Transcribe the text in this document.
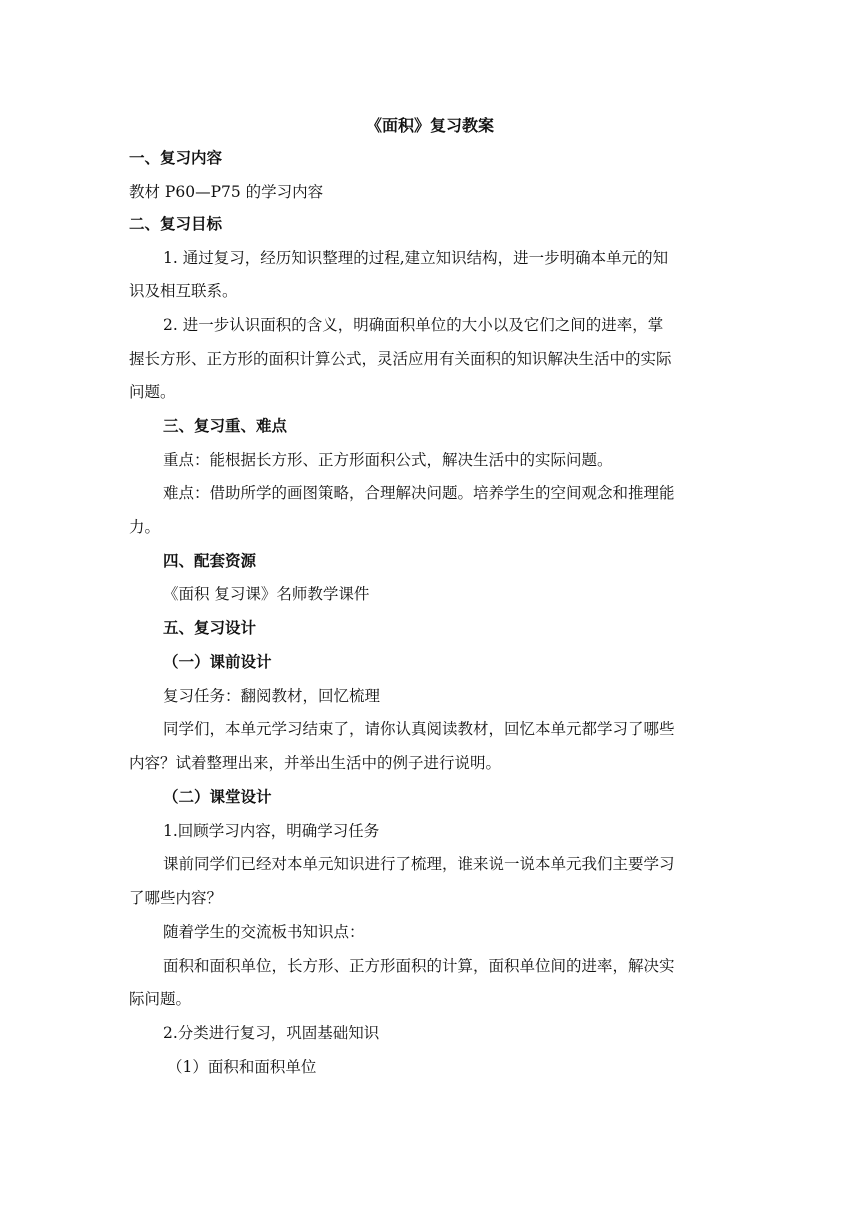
《面积》复习教案
一、复习内容
教材 P60—P75 的学习内容
二、复习目标
1. 通过复习，经历知识整理的过程,建立知识结构，进一步明确本单元的知
识及相互联系。
2. 进一步认识面积的含义，明确面积单位的大小以及它们之间的进率，掌
握长方形、正方形的面积计算公式，灵活应用有关面积的知识解决生活中的实际
问题。
三、复习重、难点
重点：能根据长方形、正方形面积公式，解决生活中的实际问题。
难点：借助所学的画图策略，合理解决问题。培养学生的空间观念和推理能
力。
四、配套资源
《面积 复习课》名师教学课件
五、复习设计
（一）课前设计
复习任务：翻阅教材，回忆梳理
同学们，本单元学习结束了，请你认真阅读教材，回忆本单元都学习了哪些
内容？试着整理出来，并举出生活中的例子进行说明。
（二）课堂设计
1.回顾学习内容，明确学习任务
课前同学们已经对本单元知识进行了梳理，谁来说一说本单元我们主要学习
了哪些内容？
随着学生的交流板书知识点：
面积和面积单位，长方形、正方形面积的计算，面积单位间的进率，解决实
际问题。
2.分类进行复习，巩固基础知识
（1）面积和面积单位
